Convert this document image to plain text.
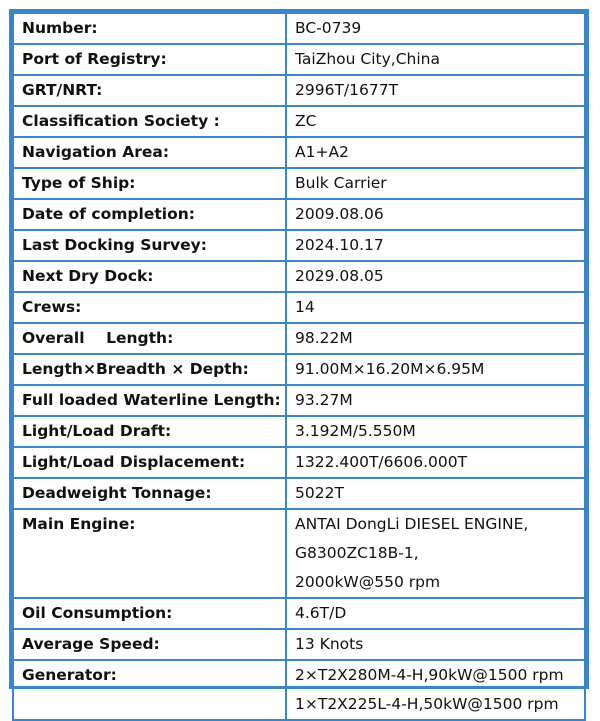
Number:	BC-0739

Port of Registry:	TaiZhou City,China

GRT/NRT:	2996T/1677T

Classification Society :	ZC

Navigation Area:	A1+A2

Type of Ship:	Bulk Carrier

Date of completion:	2009.08.06

Last Docking Survey:	2024.10.17

Next Dry Dock:	2029.08.05

Crews:	14

Overall    Length:	98.22M

Length×Breadth × Depth:	91.00M×16.20M×6.95M

Full loaded Waterline Length:	93.27M

Light/Load Draft:	3.192M/5.550M

Light/Load Displacement:	1322.400T/6606.000T

Deadweight Tonnage:	5022T

Main Engine:	ANTAI DongLi DIESEL ENGINE,
G8300ZC18B-1,
2000kW@550 rpm

Oil Consumption:	4.6T/D

Average Speed:	13 Knots

Generator:	2×T2X280M-4-H,90kW@1500 rpm
1×T2X225L-4-H,50kW@1500 rpm
